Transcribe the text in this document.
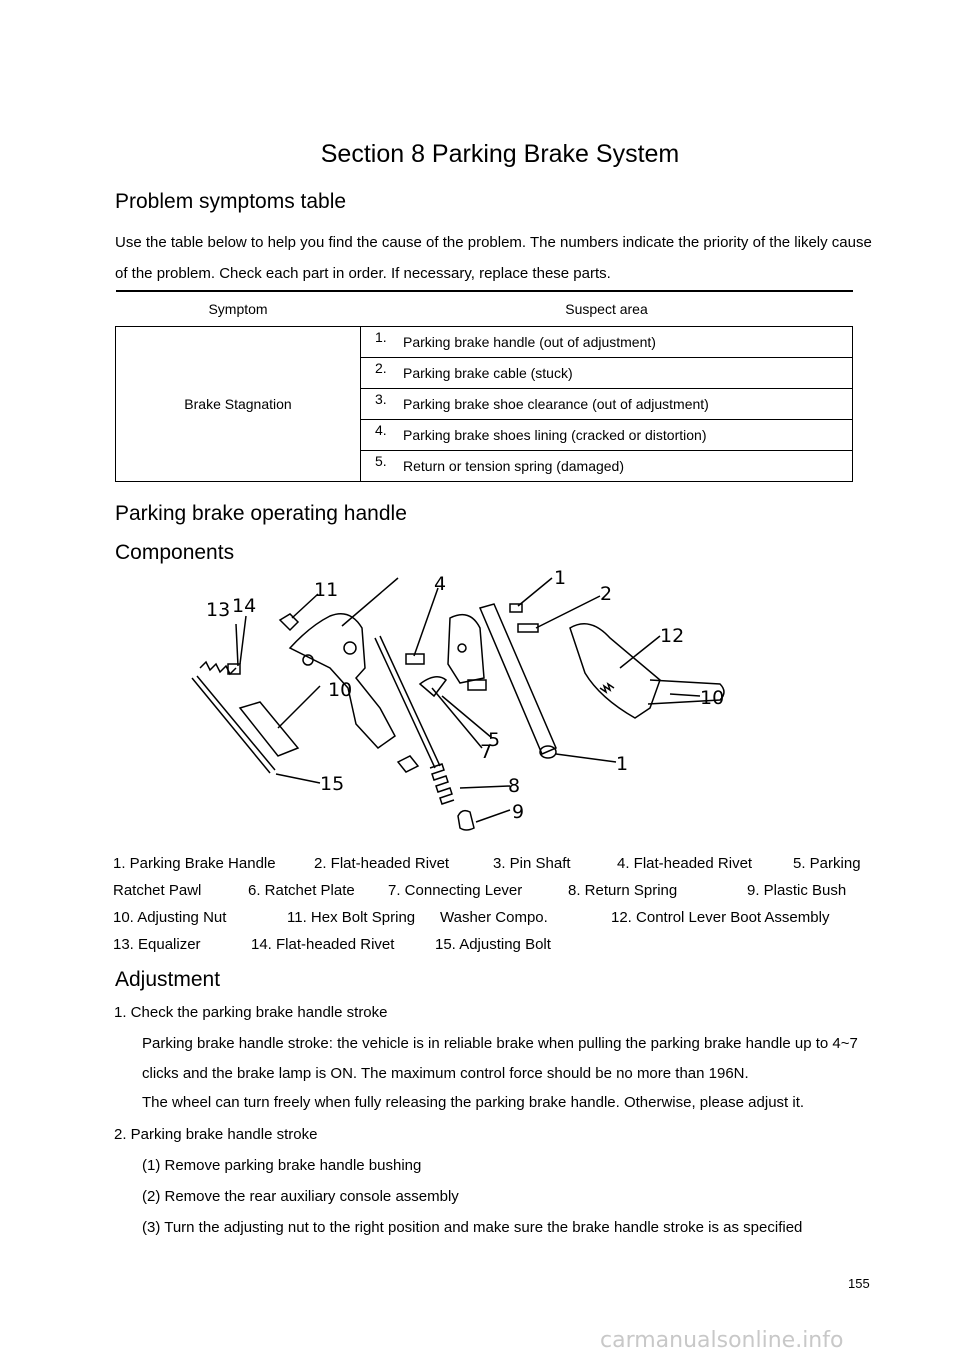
Section 8 Parking Brake System
Problem symptoms table
Use the table below to help you find the cause of the problem. The numbers indicate the priority of the likely cause of the problem. Check each part in order. If necessary, replace these parts.
Symptom	Suspect area
Brake Stagnation	1. Parking brake handle (out of adjustment)
	2. Parking brake cable (stuck)
	3. Parking brake shoe clearance (out of adjustment)
	4. Parking brake shoes lining (cracked or distortion)
	5. Return or tension spring (damaged)
Parking brake operating handle
Components
1
2
4
5
7
8
9
10	10
11
12
13 14
15
1
1. Parking Brake Handle	2. Flat-headed Rivet	3. Pin Shaft	4. Flat-headed Rivet	5. Parking
Ratchet Pawl	6. Ratchet Plate 7. Connecting Lever	8. Return Spring	9. Plastic Bush
10. Adjusting Nut	11. Hex Bolt Spring Washer Compo.	12. Control Lever Boot Assembly
13. Equalizer	14. Flat-headed Rivet	15. Adjusting Bolt
Adjustment
1. Check the parking brake handle stroke
Parking brake handle stroke: the vehicle is in reliable brake when pulling the parking brake handle up to 4~7 clicks and the brake lamp is ON. The maximum control force should be no more than 196N.
The wheel can turn freely when fully releasing the parking brake handle. Otherwise, please adjust it.
2. Parking brake handle stroke
(1) Remove parking brake handle bushing
(2) Remove the rear auxiliary console assembly
(3) Turn the adjusting nut to the right position and make sure the brake handle stroke is as specified
155
carmanualsonline.info
